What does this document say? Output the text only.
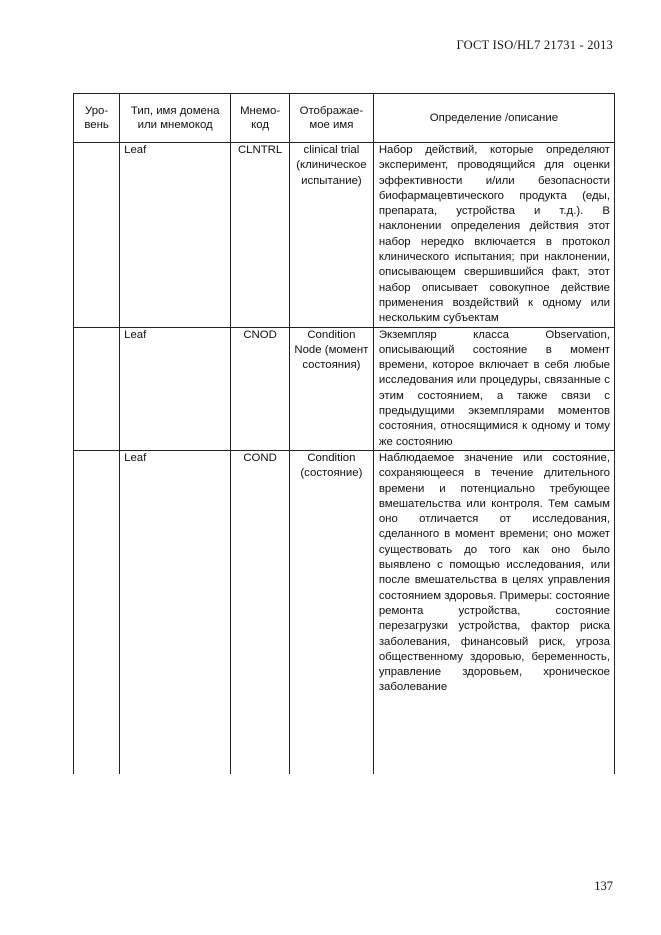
ГОСТ ISO/HL7 21731 - 2013
Уро-вень	Тип, имя домена или мнемокод	Мнемо-код	Отображае-мое имя	Определение /описание
	Leaf	CLNTRL	clinical trial (клиническое испытание)	Набор действий, которые определяют эксперимент, проводящийся для оценки эффективности и/или безопасности биофармацевтического продукта (еды, препарата, устройства и т.д.). В наклонении определения действия этот набор нередко включается в протокол клинического испытания; при наклонении, описывающем свершившийся факт, этот набор описывает совокупное действие применения воздействий к одному или нескольким субъектам
	Leaf	CNOD	Condition Node (момент состояния)	Экземпляр класса Observation, описывающий состояние в момент времени, которое включает в себя любые исследования или процедуры, связанные с этим состоянием, а также связи с предыдущими экземплярами моментов состояния, относящимися к одному и тому же состоянию
	Leaf	COND	Condition (состояние)	Наблюдаемое значение или состояние, сохраняющееся в течение длительного времени и потенциально требующее вмешательства или контроля. Тем самым оно отличается от исследования, сделанного в момент времени; оно может существовать до того как оно было выявлено с помощью исследования, или после вмешательства в целях управления состоянием здоровья. Примеры: состояние ремонта устройства, состояние перезагрузки устройства, фактор риска заболевания, финансовый риск, угроза общественному здоровью, беременность, управление здоровьем, хроническое заболевание
137
